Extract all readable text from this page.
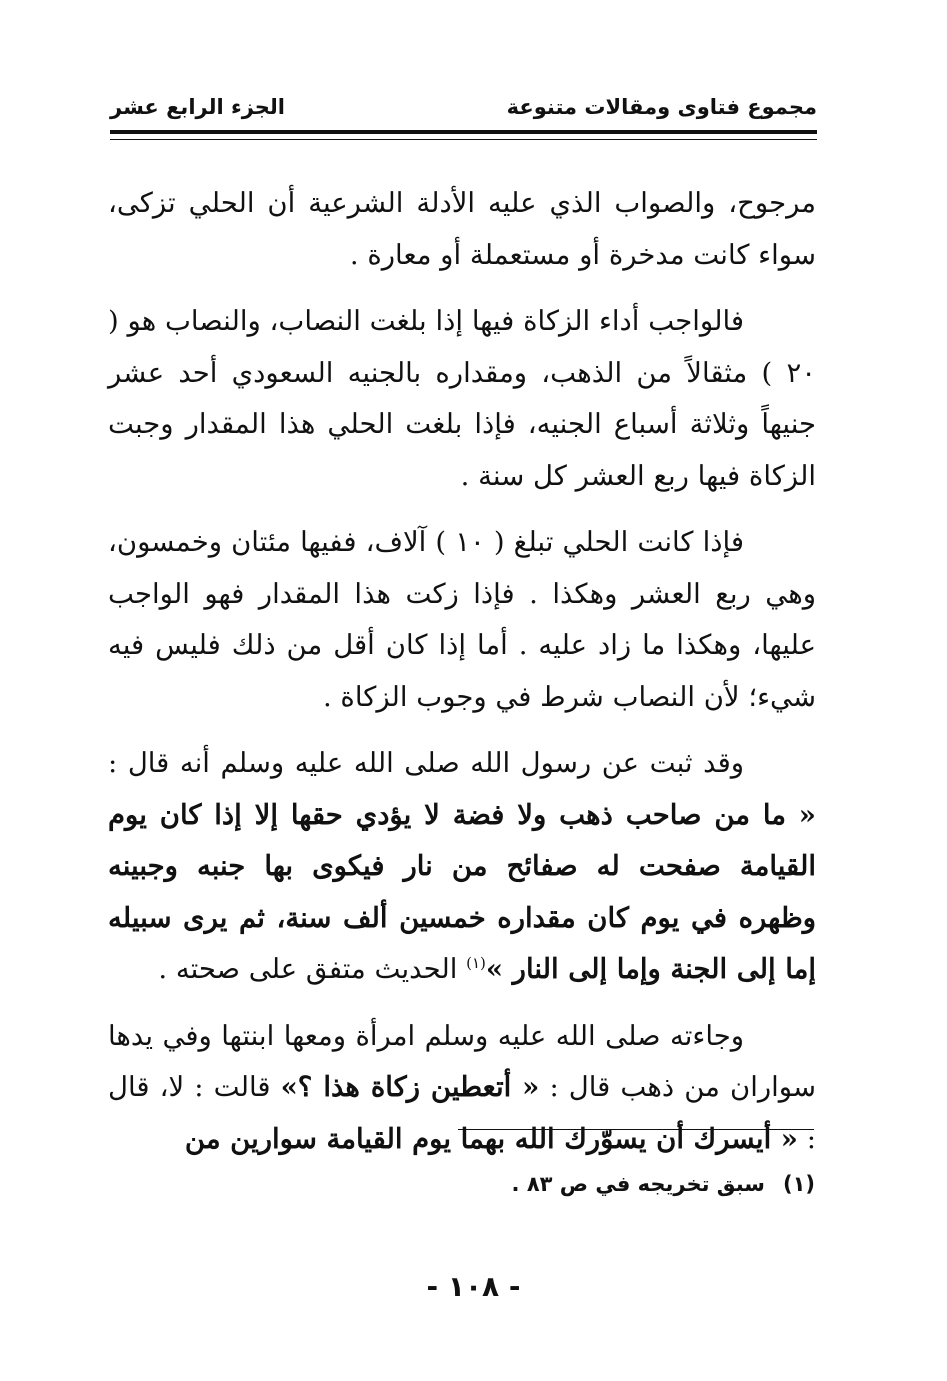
مجموع فتاوى ومقالات متنوعة
الجزء الرابع عشر

مرجوح، والصواب الذي عليه الأدلة الشرعية أن الحلي تزكى، سواء كانت مدخرة أو مستعملة أو معارة .

فالواجب أداء الزكاة فيها إذا بلغت النصاب، والنصاب هو ( ٢٠ ) مثقالاً من الذهب، ومقداره بالجنيه السعودي أحد عشر جنيهاً وثلاثة أسباع الجنيه، فإذا بلغت الحلي هذا المقدار وجبت الزكاة فيها ربع العشر كل سنة .

فإذا كانت الحلي تبلغ ( ١٠ ) آلاف، ففيها مئتان وخمسون، وهي ربع العشر وهكذا . فإذا زكت هذا المقدار فهو الواجب عليها، وهكذا ما زاد عليه . أما إذا كان أقل من ذلك فليس فيه شيء؛ لأن النصاب شرط في وجوب الزكاة .

وقد ثبت عن رسول الله صلى الله عليه وسلم أنه قال : « ما من صاحب ذهب ولا فضة لا يؤدي حقها إلا إذا كان يوم القيامة صفحت له صفائح من نار فيكوى بها جنبه وجبينه وظهره في يوم كان مقداره خمسين ألف سنة، ثم يرى سبيله إما إلى الجنة وإما إلى النار »$^{(١)}$ الحديث متفق على صحته .

وجاءته صلى الله عليه وسلم امرأة ومعها ابنتها وفي يدها سواران من ذهب قال : « أتعطين زكاة هذا ؟» قالت : لا، قال : « أيسرك أن يسوّرك الله بهما يوم القيامة سوارين من

(١)سبق تخريجه في ص ٨٣ .
- ١٠٨ -
